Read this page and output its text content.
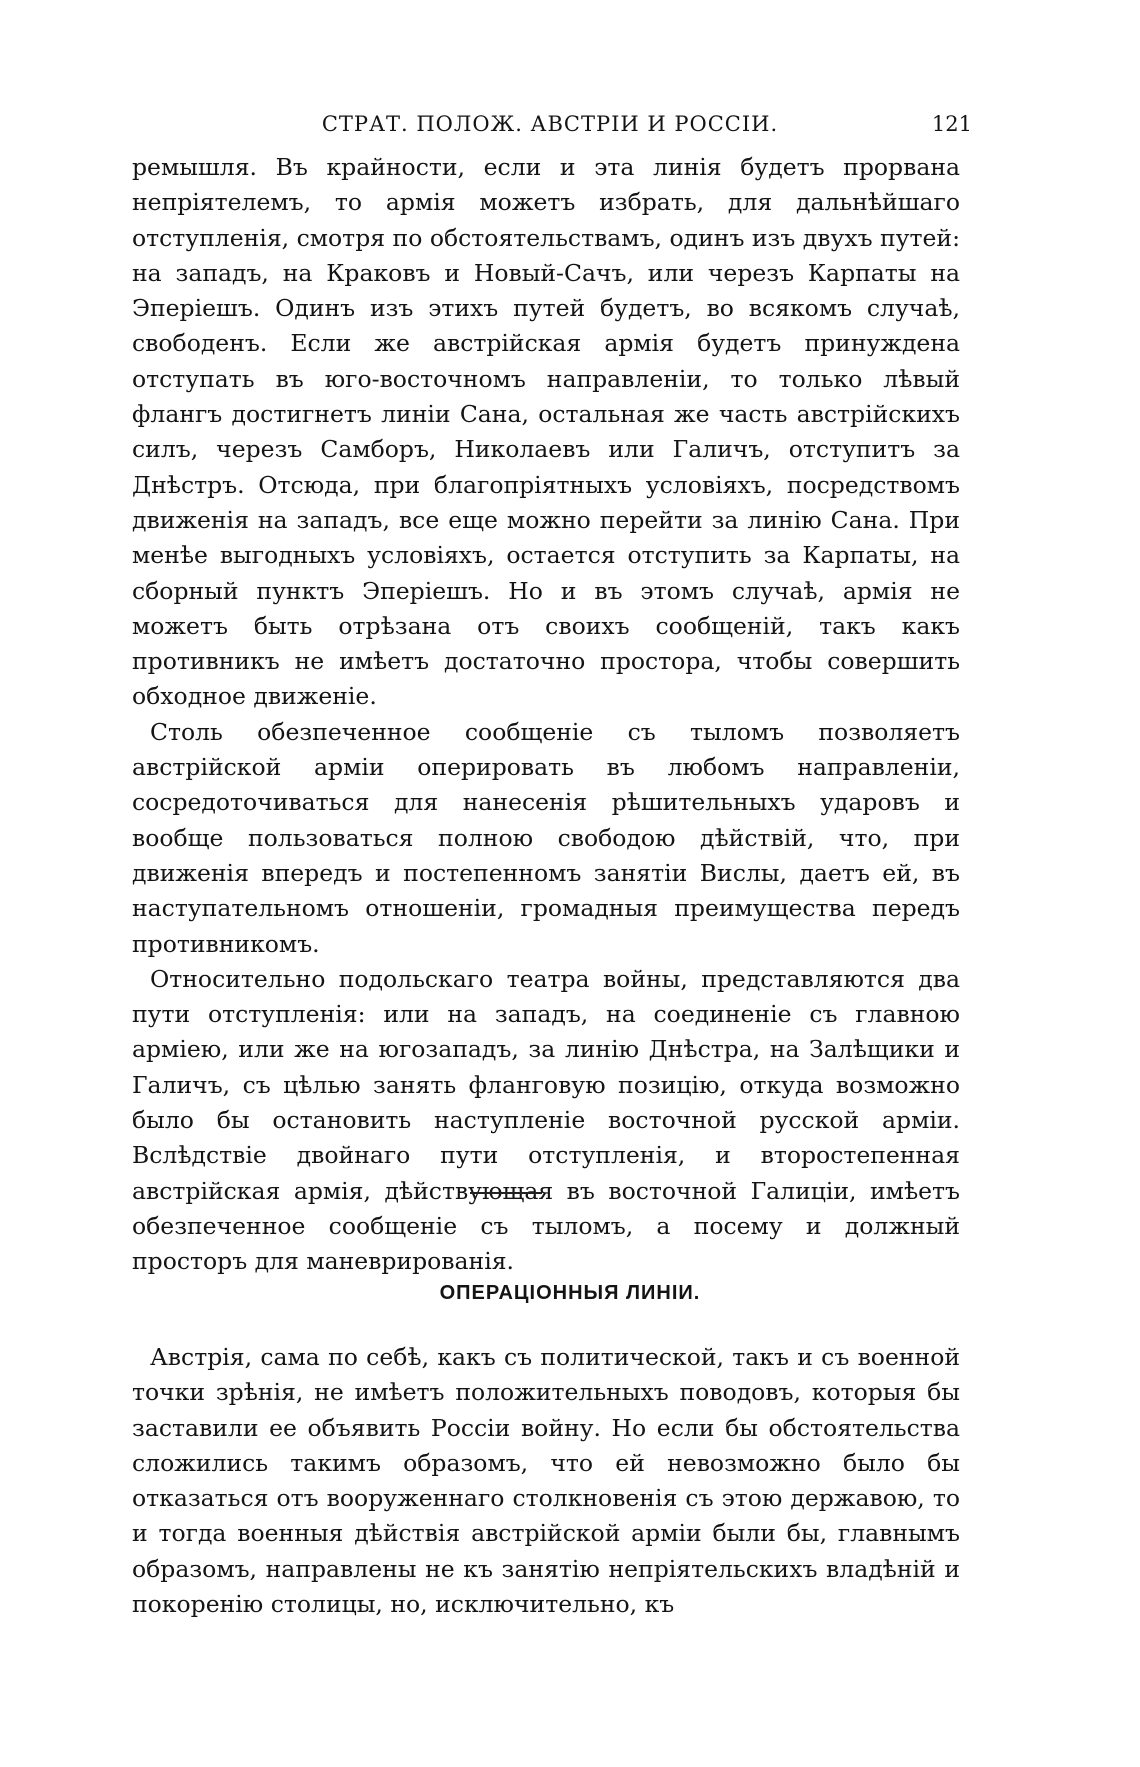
СТРАТ. ПОЛОЖ. АВСТРІИ И РОССІИ.	121

ремышля. Въ крайности, если и эта линія будетъ прорвана непріятелемъ, то армія можетъ избрать, для дальнѣйшаго отступленія, смотря по обстоятельствамъ, одинъ изъ двухъ путей: на западъ, на Краковъ и Новый-Сачъ, или черезъ Карпаты на Эперіешъ. Одинъ изъ этихъ путей будетъ, во всякомъ случаѣ, свободенъ. Если же австрійская армія будетъ принуждена отступать въ юго-восточномъ направленіи, то только лѣвый флангъ достигнетъ линіи Сана, остальная же часть австрійскихъ силъ, черезъ Самборъ, Николаевъ или Галичъ, отступитъ за Днѣстръ. Отсюда, при благопріятныхъ условіяхъ, посредствомъ движенія на западъ, все еще можно перейти за линію Сана. При менѣе выгодныхъ условіяхъ, остается отступить за Карпаты, на сборный пунктъ Эперіешъ. Но и въ этомъ случаѣ, армія не можетъ быть отрѣзана отъ своихъ сообщеній, такъ какъ противникъ не имѣетъ достаточно простора, чтобы совершить обходное движеніе.

Столь обезпеченное сообщеніе съ тыломъ позволяетъ австрійской арміи оперировать въ любомъ направленіи, сосредоточиваться для нанесенія рѣшительныхъ ударовъ и вообще пользоваться полною свободою дѣйствій, что, при движенія впередъ и постепенномъ занятіи Вислы, даетъ ей, въ наступательномъ отношеніи, громадныя преимущества передъ противникомъ.

Относительно подольскаго театра войны, представляются два пути отступленія: или на западъ, на соединеніе съ главною арміею, или же на югозападъ, за линію Днѣстра, на Залѣщики и Галичъ, съ цѣлью занять фланговую позицію, откуда возможно было бы остановить наступленіе восточной русской арміи. Вслѣдствіе двойнаго пути отступленія, и второстепенная австрійская армія, дѣйствующая въ восточной Галиціи, имѣетъ обезпеченное сообщеніе съ тыломъ, а посему и должный просторъ для маневрированія.

ОПЕРАЦІОННЫЯ ЛИНІИ.

Австрія, сама по себѣ, какъ съ политической, такъ и съ военной точки зрѣнія, не имѣетъ положительныхъ поводовъ, которыя бы заставили ее объявить Россіи войну. Но если бы обстоятельства сложились такимъ образомъ, что ей невозможно было бы отказаться отъ вооруженнаго столкновенія съ этою державою, то и тогда военныя дѣйствія австрійской арміи были бы, главнымъ образомъ, направлены не къ занятію непріятельскихъ владѣній и покоренію столицы, но, исключительно, къ
